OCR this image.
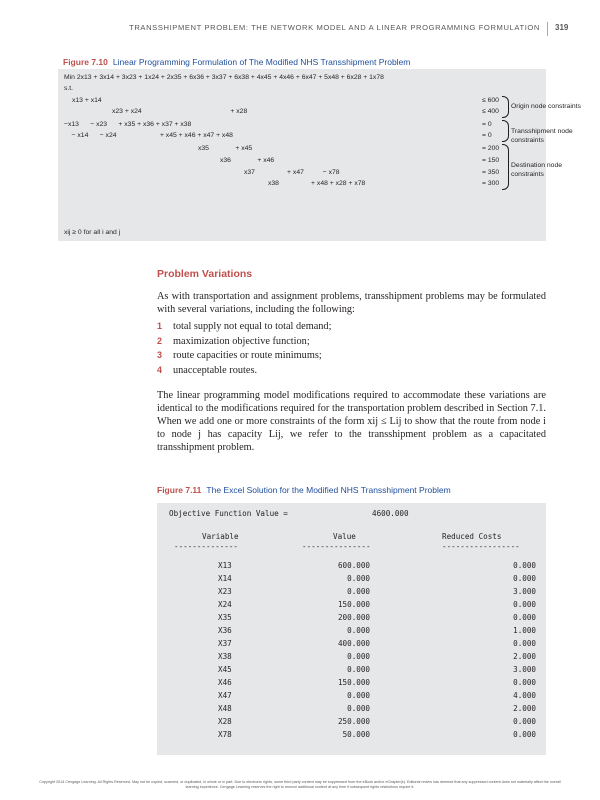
TRANSSHIPMENT PROBLEM: THE NETWORK MODEL AND A LINEAR PROGRAMMING FORMULATION 319
Figure 7.10 Linear Programming Formulation of The Modified NHS Transshipment Problem
Min 2x13 + 3x14 + 3x23 + 1x24 + 2x35 + 6x36 + 3x37 + 6x38 + 4x45 + 4x46 + 6x47 + 5x48 + 6x28 + 1x78
s.t.
x13 + x14	≤ 600
x23 + x24                                               + x28	≤ 400
−x13      − x23      + x35 + x36 + x37 + x38	= 0
− x14      − x24                       + x45 + x46 + x47 + x48	= 0
x35              + x45	= 200
x36              + x46	= 150
x37                 + x47          − x78	= 350
x38                 + x48 + x28 + x78	= 300
Origin node constraints
Transshipment node constraints
Destination node constraints
xij ≥ 0 for all i and j
Problem Variations
As with transportation and assignment problems, transshipment problems may be formulated with several variations, including the following:
1 total supply not equal to total demand;
2 maximization objective function;
3 route capacities or route minimums;
4 unacceptable routes.
The linear programming model modifications required to accommodate these variations are identical to the modifications required for the transportation problem described in Section 7.1. When we add one or more constraints of the form xij ≤ Lij to show that the route from node i to node j has capacity Lij, we refer to the transshipment problem as a capacitated transshipment problem.
Figure 7.11 The Excel Solution for the Modified NHS Transshipment Problem
Objective Function Value =	4600.000
Variable	Value	Reduced Costs
--------------	---------------	-----------------
X13	600.000	0.000
X14	0.000	0.000
X23	0.000	3.000
X24	150.000	0.000
X35	200.000	0.000
X36	0.000	1.000
X37	400.000	0.000
X38	0.000	2.000
X45	0.000	3.000
X46	150.000	0.000
X47	0.000	4.000
X48	0.000	2.000
X28	250.000	0.000
X78	50.000	0.000
Copyright 2014 Cengage Learning. All Rights Reserved. May not be copied, scanned, or duplicated, in whole or in part. Due to electronic rights, some third party content may be suppressed from the eBook and/or eChapter(s). Editorial review has deemed that any suppressed content does not materially affect the overall learning experience. Cengage Learning reserves the right to remove additional content at any time if subsequent rights restrictions require it.
